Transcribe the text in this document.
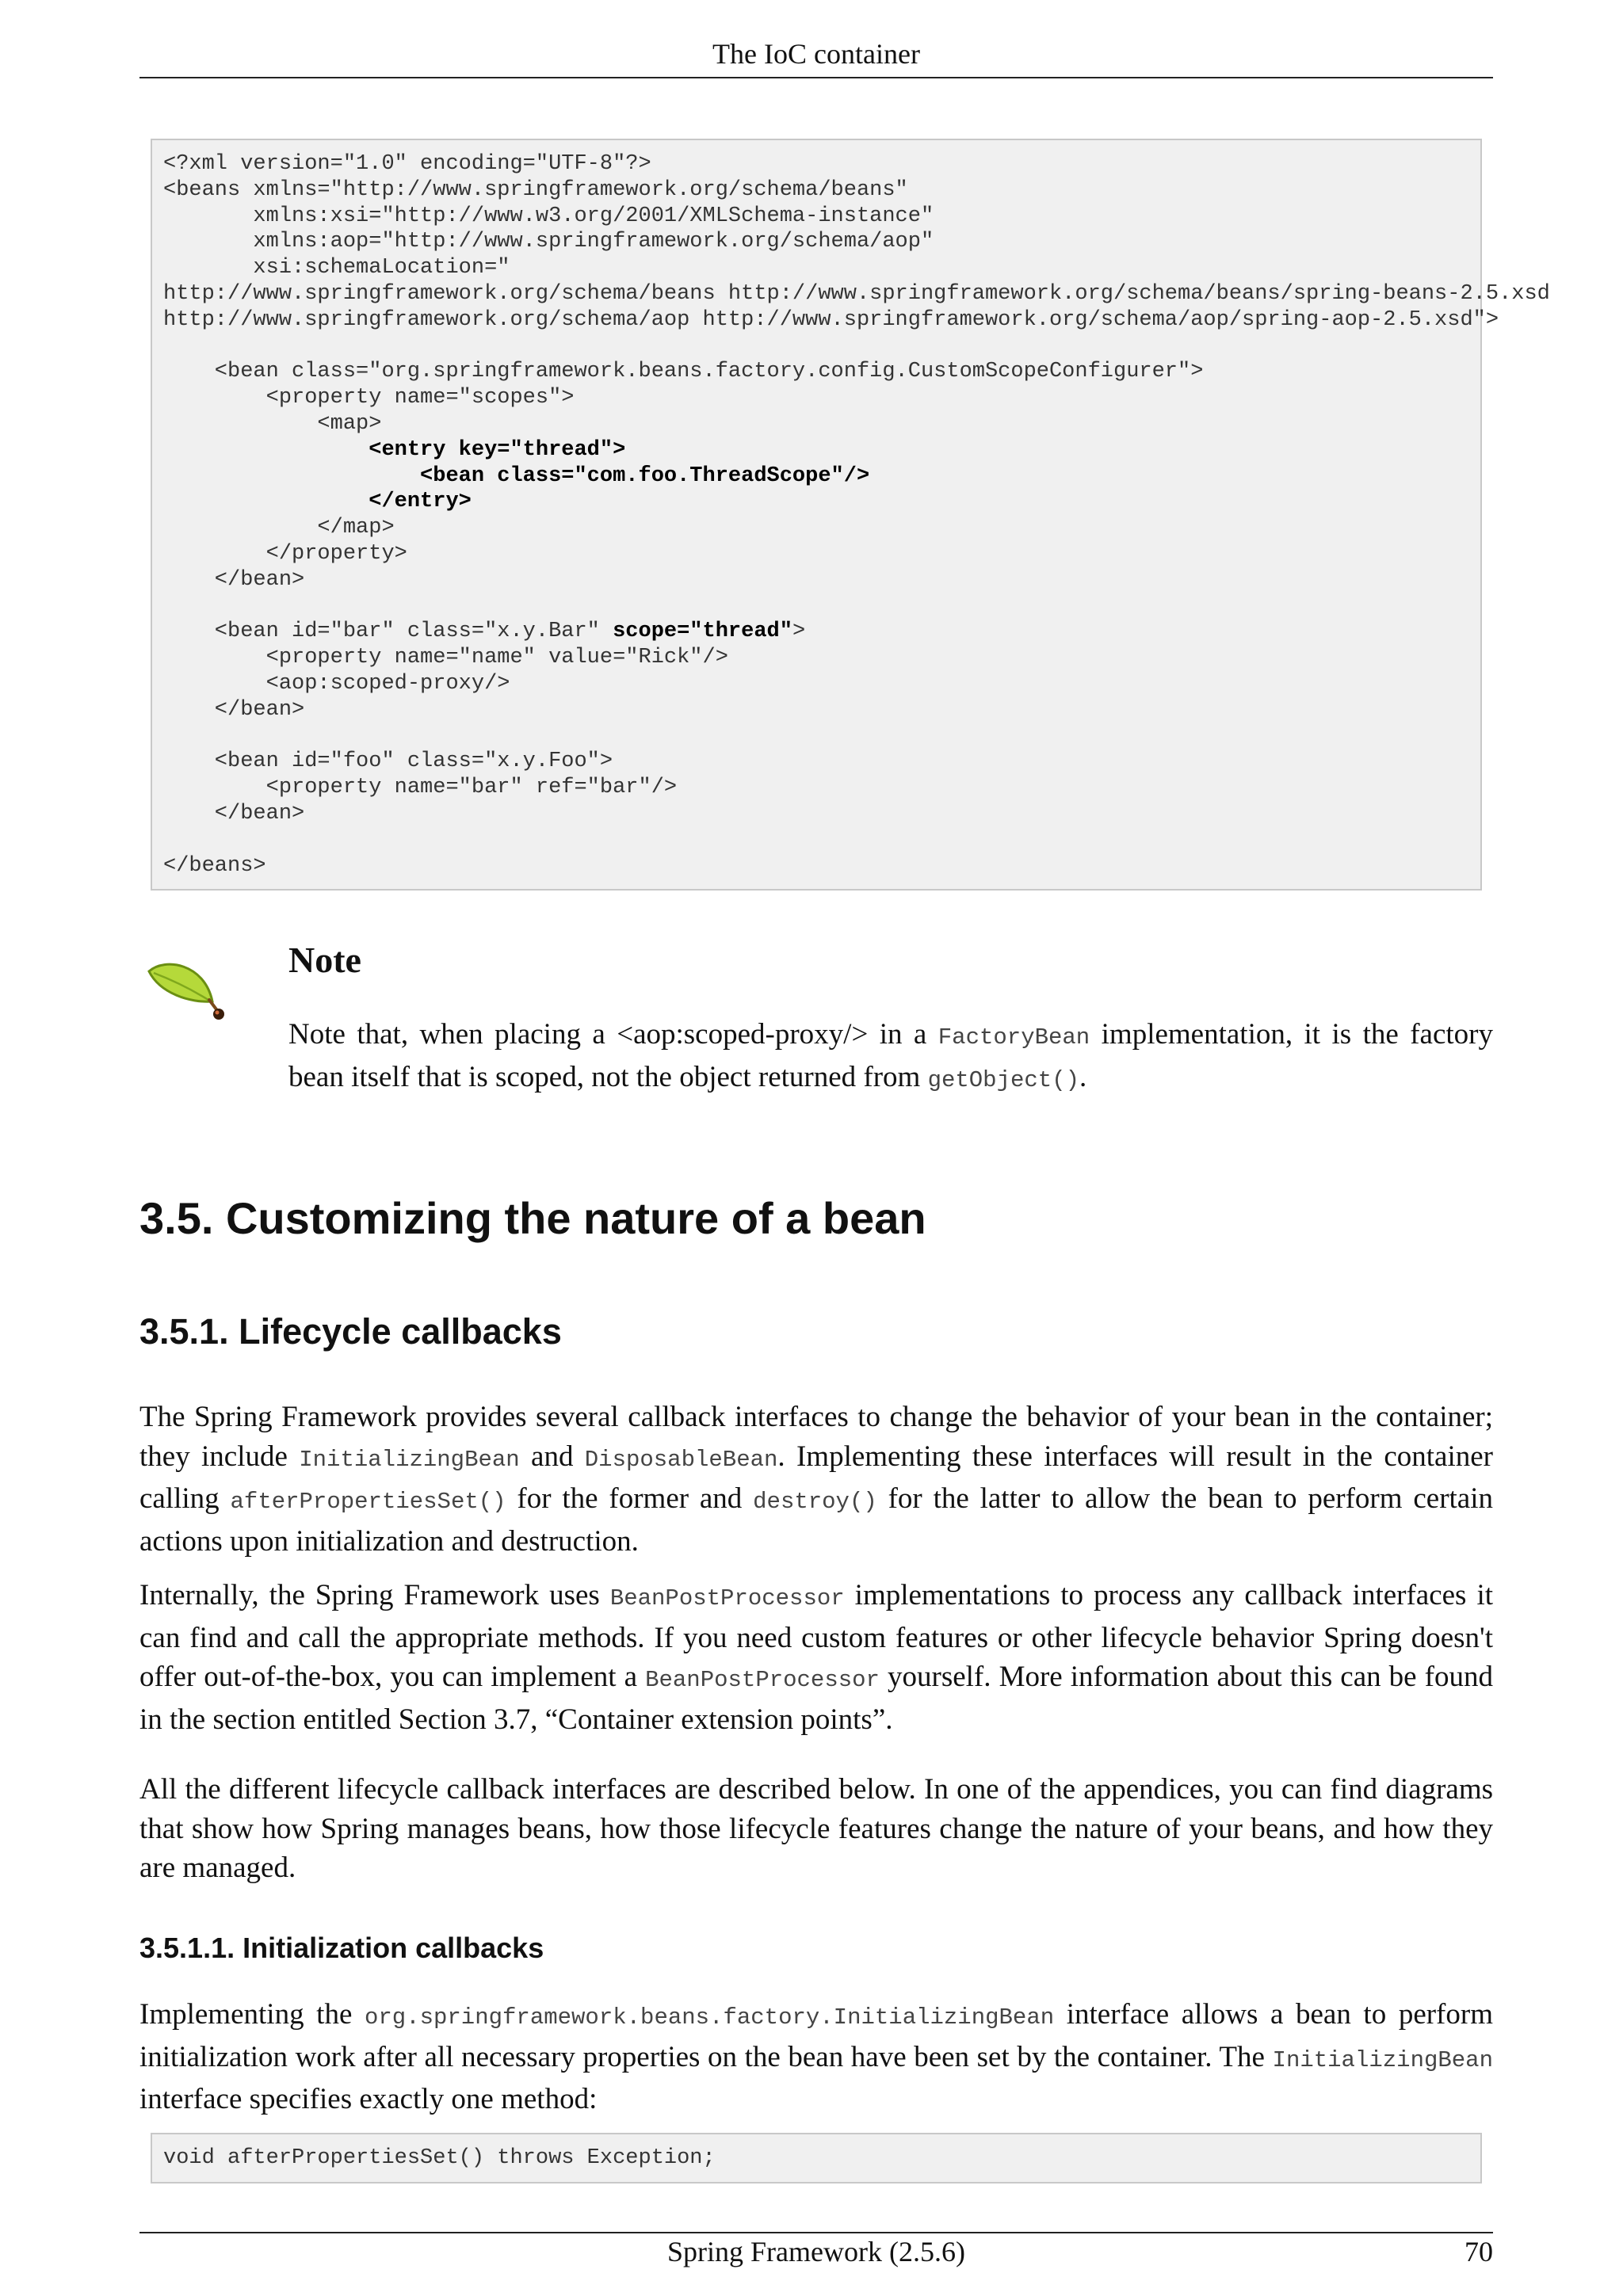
The IoC container
<?xml version="1.0" encoding="UTF-8"?>
<beans xmlns="http://www.springframework.org/schema/beans"
xmlns:xsi="http://www.w3.org/2001/XMLSchema-instance"
xmlns:aop="http://www.springframework.org/schema/aop"
xsi:schemaLocation="
http://www.springframework.org/schema/beans http://www.springframework.org/schema/beans/spring-beans-2.5.xsd
http://www.springframework.org/schema/aop http://www.springframework.org/schema/aop/spring-aop-2.5.xsd">

<bean class="org.springframework.beans.factory.config.CustomScopeConfigurer">
<property name="scopes">
<map>
<entry key="thread">
<bean class="com.foo.ThreadScope"/>
</entry>
</map>
</property>
</bean>

<bean id="bar" class="x.y.Bar" scope="thread">
<property name="name" value="Rick"/>
<aop:scoped-proxy/>
</bean>

<bean id="foo" class="x.y.Foo">
<property name="bar" ref="bar"/>
</bean>

</beans>
Note

Note that, when placing a <aop:scoped-proxy/> in a FactoryBean implementation, it is the factory bean itself that is scoped, not the object returned from getObject().

3.5. Customizing the nature of a bean
3.5.1. Lifecycle callbacks

The Spring Framework provides several callback interfaces to change the behavior of your bean in the container; they include InitializingBean and DisposableBean. Implementing these interfaces will result in the container calling afterPropertiesSet() for the former and destroy() for the latter to allow the bean to perform certain actions upon initialization and destruction.

Internally, the Spring Framework uses BeanPostProcessor implementations to process any callback interfaces it can find and call the appropriate methods. If you need custom features or other lifecycle behavior Spring doesn't offer out-of-the-box, you can implement a BeanPostProcessor yourself. More information about this can be found in the section entitled Section 3.7, “Container extension points”.

All the different lifecycle callback interfaces are described below. In one of the appendices, you can find diagrams that show how Spring manages beans, how those lifecycle features change the nature of your beans, and how they are managed.

3.5.1.1. Initialization callbacks

Implementing the org.springframework.beans.factory.InitializingBean interface allows a bean to perform initialization work after all necessary properties on the bean have been set by the container. The InitializingBean interface specifies exactly one method:

void afterPropertiesSet() throws Exception;
Spring Framework (2.5.6)	70
